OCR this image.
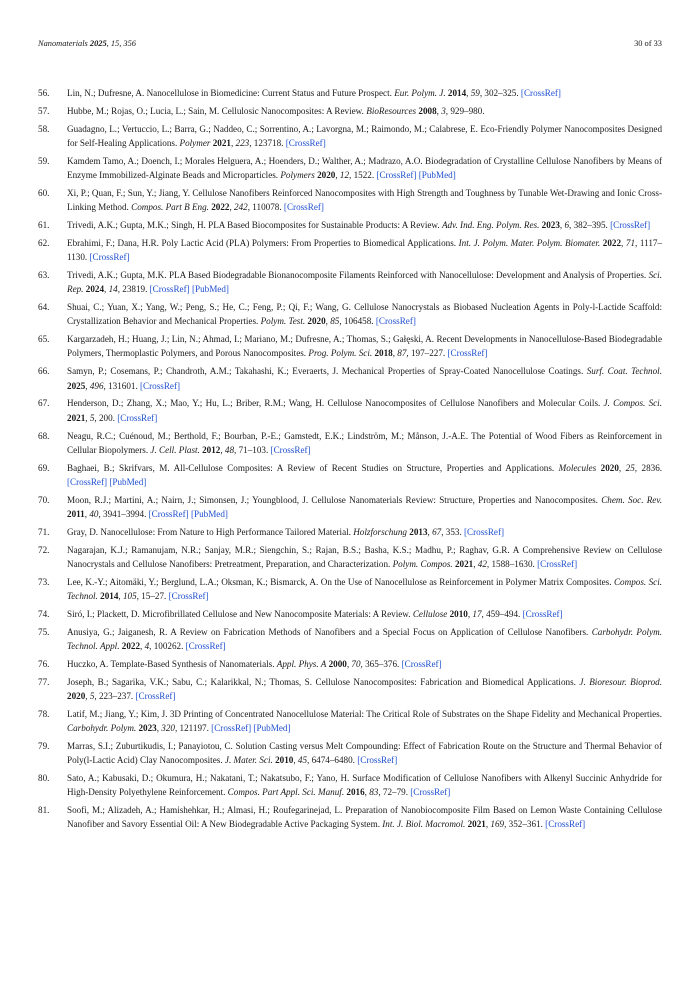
Nanomaterials 2025, 15, 356	30 of 33
56. Lin, N.; Dufresne, A. Nanocellulose in Biomedicine: Current Status and Future Prospect. Eur. Polym. J. 2014, 59, 302–325. [CrossRef]
57. Hubbe, M.; Rojas, O.; Lucia, L.; Sain, M. Cellulosic Nanocomposites: A Review. BioResources 2008, 3, 929–980.
58. Guadagno, L.; Vertuccio, L.; Barra, G.; Naddeo, C.; Sorrentino, A.; Lavorgna, M.; Raimondo, M.; Calabrese, E. Eco-Friendly Polymer Nanocomposites Designed for Self-Healing Applications. Polymer 2021, 223, 123718. [CrossRef]
59. Kamdem Tamo, A.; Doench, I.; Morales Helguera, A.; Hoenders, D.; Walther, A.; Madrazo, A.O. Biodegradation of Crystalline Cellulose Nanofibers by Means of Enzyme Immobilized-Alginate Beads and Microparticles. Polymers 2020, 12, 1522. [CrossRef] [PubMed]
60. Xi, P.; Quan, F.; Sun, Y.; Jiang, Y. Cellulose Nanofibers Reinforced Nanocomposites with High Strength and Toughness by Tunable Wet-Drawing and Ionic Cross-Linking Method. Compos. Part B Eng. 2022, 242, 110078. [CrossRef]
61. Trivedi, A.K.; Gupta, M.K.; Singh, H. PLA Based Biocomposites for Sustainable Products: A Review. Adv. Ind. Eng. Polym. Res. 2023, 6, 382–395. [CrossRef]
62. Ebrahimi, F.; Dana, H.R. Poly Lactic Acid (PLA) Polymers: From Properties to Biomedical Applications. Int. J. Polym. Mater. Polym. Biomater. 2022, 71, 1117–1130. [CrossRef]
63. Trivedi, A.K.; Gupta, M.K. PLA Based Biodegradable Bionanocomposite Filaments Reinforced with Nanocellulose: Development and Analysis of Properties. Sci. Rep. 2024, 14, 23819. [CrossRef] [PubMed]
64. Shuai, C.; Yuan, X.; Yang, W.; Peng, S.; He, C.; Feng, P.; Qi, F.; Wang, G. Cellulose Nanocrystals as Biobased Nucleation Agents in Poly-l-Lactide Scaffold: Crystallization Behavior and Mechanical Properties. Polym. Test. 2020, 85, 106458. [CrossRef]
65. Kargarzadeh, H.; Huang, J.; Lin, N.; Ahmad, I.; Mariano, M.; Dufresne, A.; Thomas, S.; Gałęski, A. Recent Developments in Nanocellulose-Based Biodegradable Polymers, Thermoplastic Polymers, and Porous Nanocomposites. Prog. Polym. Sci. 2018, 87, 197–227. [CrossRef]
66. Samyn, P.; Cosemans, P.; Chandroth, A.M.; Takahashi, K.; Everaerts, J. Mechanical Properties of Spray-Coated Nanocellulose Coatings. Surf. Coat. Technol. 2025, 496, 131601. [CrossRef]
67. Henderson, D.; Zhang, X.; Mao, Y.; Hu, L.; Briber, R.M.; Wang, H. Cellulose Nanocomposites of Cellulose Nanofibers and Molecular Coils. J. Compos. Sci. 2021, 5, 200. [CrossRef]
68. Neagu, R.C.; Cuénoud, M.; Berthold, F.; Bourban, P.-E.; Gamstedt, E.K.; Lindström, M.; Månson, J.-A.E. The Potential of Wood Fibers as Reinforcement in Cellular Biopolymers. J. Cell. Plast. 2012, 48, 71–103. [CrossRef]
69. Baghaei, B.; Skrifvars, M. All-Cellulose Composites: A Review of Recent Studies on Structure, Properties and Applications. Molecules 2020, 25, 2836. [CrossRef] [PubMed]
70. Moon, R.J.; Martini, A.; Nairn, J.; Simonsen, J.; Youngblood, J. Cellulose Nanomaterials Review: Structure, Properties and Nanocomposites. Chem. Soc. Rev. 2011, 40, 3941–3994. [CrossRef] [PubMed]
71. Gray, D. Nanocellulose: From Nature to High Performance Tailored Material. Holzforschung 2013, 67, 353. [CrossRef]
72. Nagarajan, K.J.; Ramanujam, N.R.; Sanjay, M.R.; Siengchin, S.; Rajan, B.S.; Basha, K.S.; Madhu, P.; Raghav, G.R. A Comprehensive Review on Cellulose Nanocrystals and Cellulose Nanofibers: Pretreatment, Preparation, and Characterization. Polym. Compos. 2021, 42, 1588–1630. [CrossRef]
73. Lee, K.-Y.; Aitomäki, Y.; Berglund, L.A.; Oksman, K.; Bismarck, A. On the Use of Nanocellulose as Reinforcement in Polymer Matrix Composites. Compos. Sci. Technol. 2014, 105, 15–27. [CrossRef]
74. Siró, I.; Plackett, D. Microfibrillated Cellulose and New Nanocomposite Materials: A Review. Cellulose 2010, 17, 459–494. [CrossRef]
75. Anusiya, G.; Jaiganesh, R. A Review on Fabrication Methods of Nanofibers and a Special Focus on Application of Cellulose Nanofibers. Carbohydr. Polym. Technol. Appl. 2022, 4, 100262. [CrossRef]
76. Huczko, A. Template-Based Synthesis of Nanomaterials. Appl. Phys. A 2000, 70, 365–376. [CrossRef]
77. Joseph, B.; Sagarika, V.K.; Sabu, C.; Kalarikkal, N.; Thomas, S. Cellulose Nanocomposites: Fabrication and Biomedical Applications. J. Bioresour. Bioprod. 2020, 5, 223–237. [CrossRef]
78. Latif, M.; Jiang, Y.; Kim, J. 3D Printing of Concentrated Nanocellulose Material: The Critical Role of Substrates on the Shape Fidelity and Mechanical Properties. Carbohydr. Polym. 2023, 320, 121197. [CrossRef] [PubMed]
79. Marras, S.I.; Zuburtikudis, I.; Panayiotou, C. Solution Casting versus Melt Compounding: Effect of Fabrication Route on the Structure and Thermal Behavior of Poly(l-Lactic Acid) Clay Nanocomposites. J. Mater. Sci. 2010, 45, 6474–6480. [CrossRef]
80. Sato, A.; Kabusaki, D.; Okumura, H.; Nakatani, T.; Nakatsubo, F.; Yano, H. Surface Modification of Cellulose Nanofibers with Alkenyl Succinic Anhydride for High-Density Polyethylene Reinforcement. Compos. Part Appl. Sci. Manuf. 2016, 83, 72–79. [CrossRef]
81. Soofi, M.; Alizadeh, A.; Hamishehkar, H.; Almasi, H.; Roufegarinejad, L. Preparation of Nanobiocomposite Film Based on Lemon Waste Containing Cellulose Nanofiber and Savory Essential Oil: A New Biodegradable Active Packaging System. Int. J. Biol. Macromol. 2021, 169, 352–361. [CrossRef]
